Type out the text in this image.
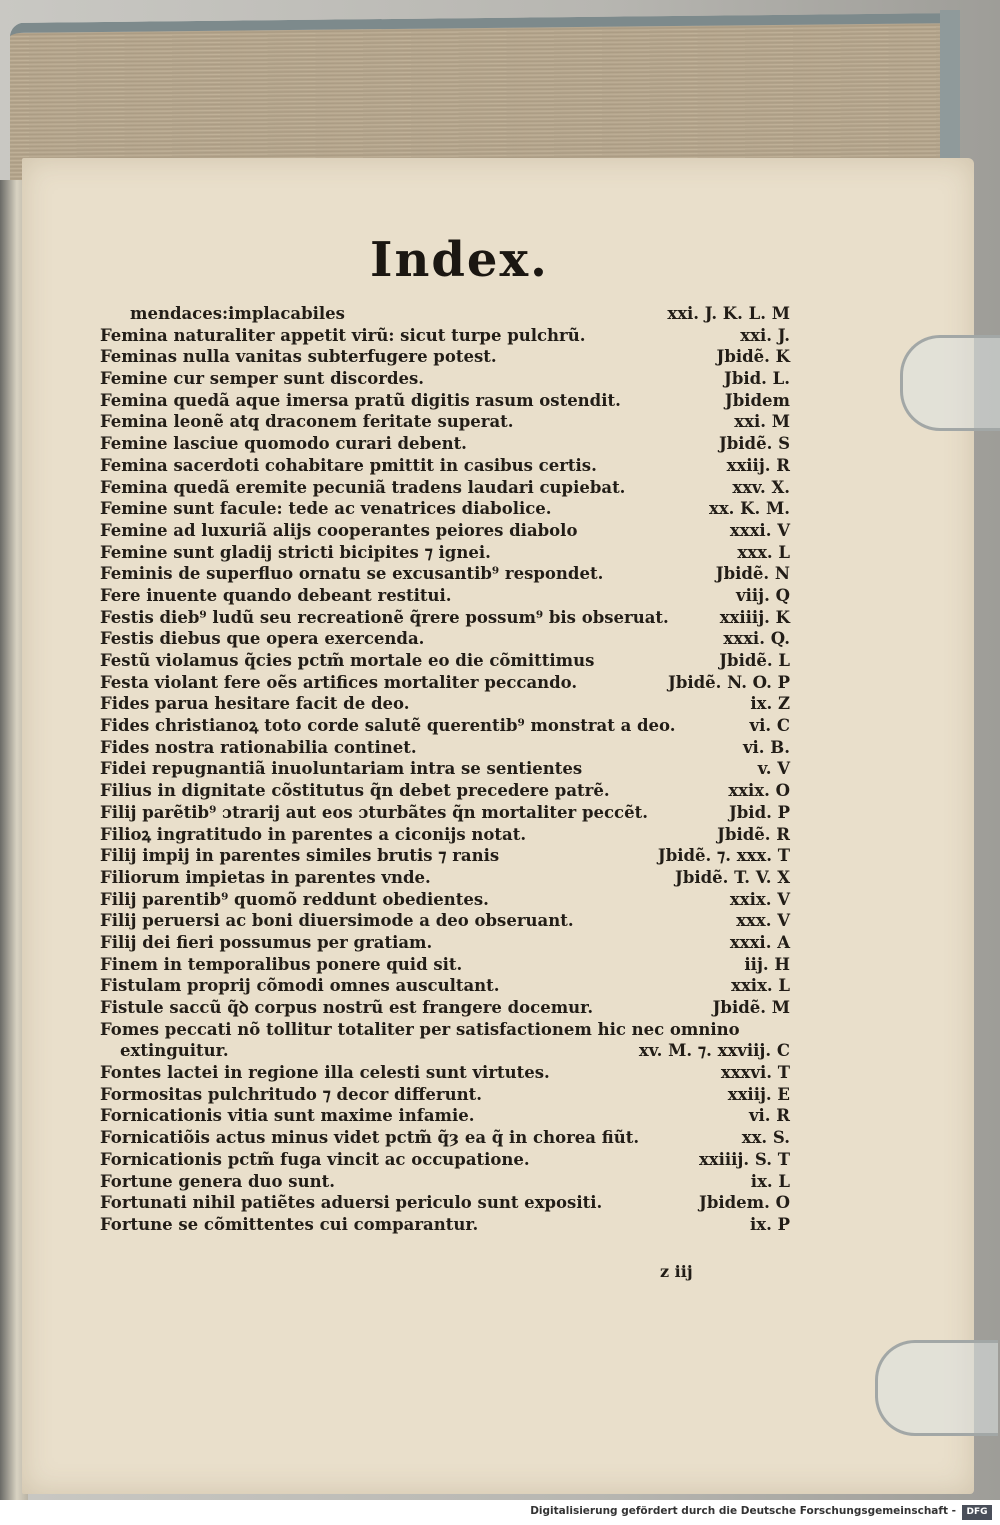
Index.
mendaces:implacabiles	xxi. J. K. L. M
Femina naturaliter appetit virũ: sicut turpe pulchrũ.	xxi. J.
Feminas nulla vanitas subterfugere potest.	Jbidẽ. K
Femine cur semper sunt discordes.	Jbid. L.
Femina quedã aque imersa pratũ digitis rasum ostendit.	Jbidem
Femina leonẽ atq̧ draconem feritate superat.	xxi. M
Femine lasciue quomodo curari debent.	Jbidẽ. S
Femina sacerdoti cohabitare pmittit in casibus certis.	xxiij. R
Femina quedã eremite pecuniã tradens laudari cupiebat.	xxv. X.
Femine sunt facule: tede ac venatrices diabolice.	xx. K. M.
Femine ad luxuriã alijs cooperantes peiores diabolo	xxxi. V
Femine sunt gladij stricti bicipites ⁊ ignei.	xxx. L
Feminis de superfluo ornatu se excusantib⁹ respondet.	Jbidẽ. N
Fere inuente quando debeant restitui.	viij. Q
Festis dieb⁹ ludũ seu recreationẽ q̃rere possum⁹ bis obseruat.	xxiiij. K
Festis diebus que opera exercenda.	xxxi. Q.
Festũ violamus q̃cies pctm̃ mortale eo die cõmittimus	Jbidẽ. L
Festa violant fere oẽs artifices mortaliter peccando.	Jbidẽ. N. O. P
Fides parua hesitare facit de deo.	ix. Z
Fides christianoꝝ toto corde salutẽ querentib⁹ monstrat a deo.	vi. C
Fides nostra rationabilia continet.	vi. B.
Fidei repugnantiã inuoluntariam intra se sentientes	v. V
Filius in dignitate cõstitutus q̃n debet precedere patrẽ.	xxix. O
Filij parẽtib⁹ ɔtrarij aut eos ɔturbãtes q̃n mortaliter peccẽt.	Jbid. P
Filioꝝ ingratitudo in parentes a ciconijs notat.	Jbidẽ. R
Filij impij in parentes similes brutis ⁊ ranis	Jbidẽ. ⁊. xxx. T
Filiorum impietas in parentes vnde.	Jbidẽ. T. V. X
Filij parentib⁹ quomõ reddunt obedientes.	xxix. V
Filij peruersi ac boni diuersimode a deo obseruant.	xxx. V
Filij dei fieri possumus per gratiam.	xxxi. A
Finem in temporalibus ponere quid sit.	iij. H
Fistulam proprij cõmodi omnes auscultant.	xxix. L
Fistule saccũ q̃ꝺ corpus nostrũ est frangere docemur.	Jbidẽ. M
Fomes peccati nõ tollitur totaliter per satisfactionem hic nec omnino
extinguitur.	xv. M. ⁊. xxviij. C
Fontes lactei in regione illa celesti sunt virtutes.	xxxvi. T
Formositas pulchritudo ⁊ decor differunt.	xxiij. E
Fornicationis vitia sunt maxime infamie.	vi. R
Fornicatiõis actus minus videt pctm̃ q̃ȝ ea q̃ in chorea fiũt.	xx. S.
Fornicationis pctm̃ fuga vincit ac occupatione.	xxiiij. S. T
Fortune genera duo sunt.	ix. L
Fortunati nihil patiẽtes aduersi periculo sunt expositi.	Jbidem. O
Fortune se cõmittentes cui comparantur.	ix. P
z iij
Digitalisierung gefördert durch die Deutsche Forschungsgemeinschaft -	DFG
